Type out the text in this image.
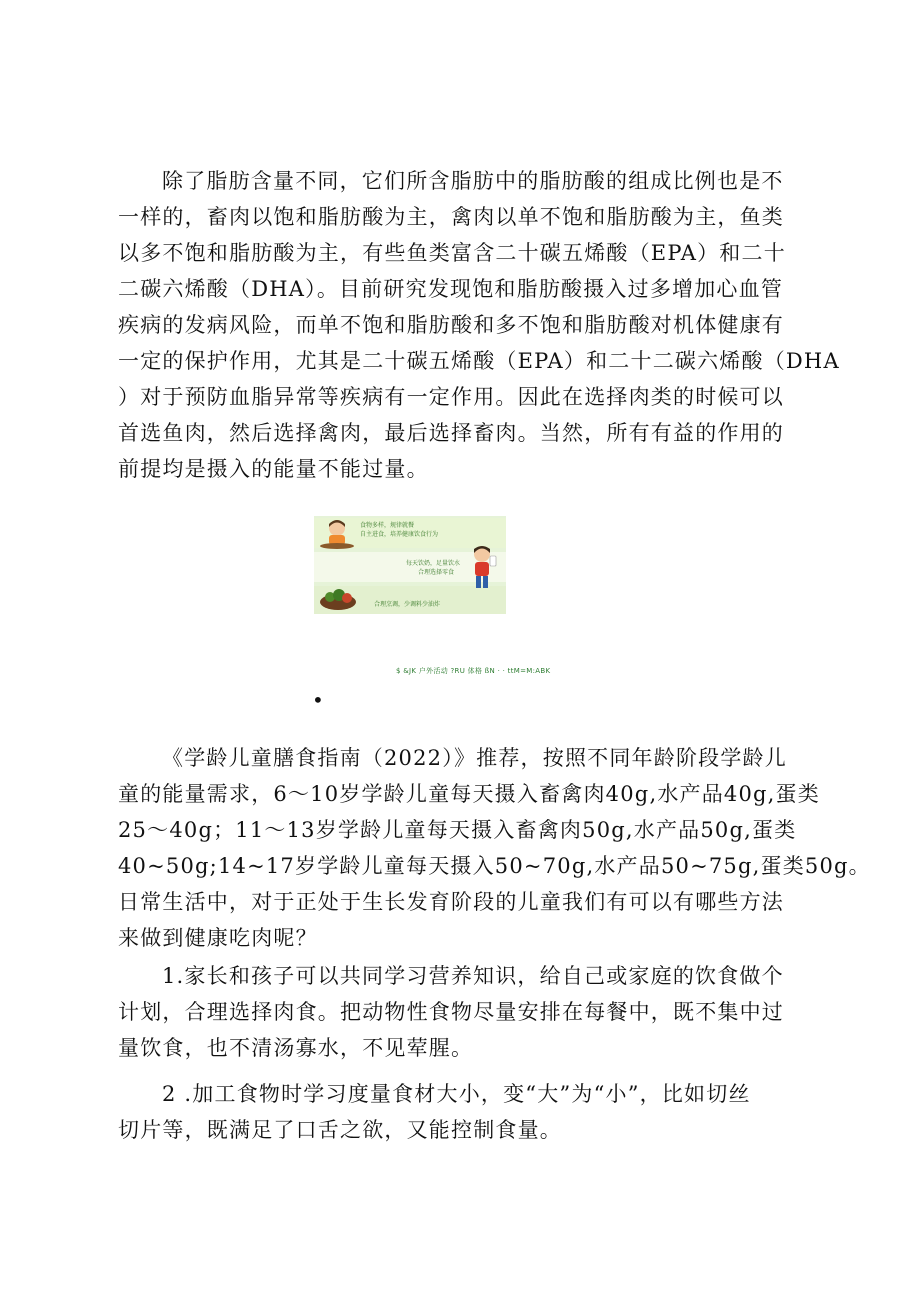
除了脂肪含量不同，它们所含脂肪中的脂肪酸的组成比例也是不
一样的，畜肉以饱和脂肪酸为主，禽肉以单不饱和脂肪酸为主，鱼类
以多不饱和脂肪酸为主，有些鱼类富含二十碳五烯酸（EPA）和二十
二碳六烯酸（DHA）。目前研究发现饱和脂肪酸摄入过多增加心血管
疾病的发病风险，而单不饱和脂肪酸和多不饱和脂肪酸对机体健康有
一定的保护作用，尤其是二十碳五烯酸（EPA）和二十二碳六烯酸（DHA
）对于预防血脂异常等疾病有一定作用。因此在选择肉类的时候可以
首选鱼肉，然后选择禽肉，最后选择畜肉。当然，所有有益的作用的
前提均是摄入的能量不能过量。
食物多样，规律就餐
自主进食，培养健康饮食行为
每天饮奶，足量饮水
合理选择零食
合理烹调，少调料少油炸
$ &JK 户外活动 ?RU 体格 ßN · · ttM=M:ABK
•
《学龄儿童膳食指南（2022）》推荐，按照不同年龄阶段学龄儿
童的能量需求，6～10岁学龄儿童每天摄入畜禽肉40g,水产品40g,蛋类
25～40g；11～13岁学龄儿童每天摄入畜禽肉50g,水产品50g,蛋类
40~50g;14~17岁学龄儿童每天摄入50~70g,水产品50~75g,蛋类50g。
日常生活中，对于正处于生长发育阶段的儿童我们有可以有哪些方法
来做到健康吃肉呢？
1.家长和孩子可以共同学习营养知识，给自己或家庭的饮食做个
计划，合理选择肉食。把动物性食物尽量安排在每餐中，既不集中过
量饮食，也不清汤寡水，不见荤腥。
2 .加工食物时学习度量食材大小，变“大”为“小”，比如切丝
切片等，既满足了口舌之欲，又能控制食量。
